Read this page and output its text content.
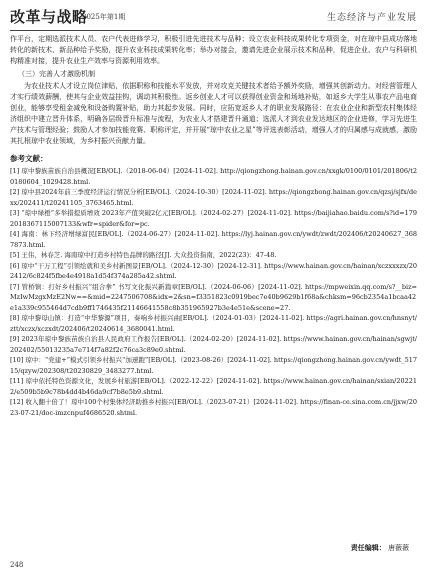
改革与战略
2025年第1期	生态经济与产业发展

作平台，定期选派技术人员、农户代表进修学习，积极引进先进技术与品种；设立农业科技成果转化专项资金，对在琼中县成功落地转化的新技术、新品种给予奖励，提升农业科技成果转化率；举办对接会，邀请先进企业展示技术和品种，促进企业、农户与科研机构精准对接，提升农业生产效率与资源利用效率。

（三）完善人才激励机制

为农业技术人才设立岗位津贴，依据职称和技能水平发放，并对攻克关键技术者给予额外奖励，增强其创新动力。对经营管理人才实行绩效薪酬，使其与企业效益挂钩，调动其积极性。返乡创业人才可以获得创业资金和场地补贴，如返乡大学生从事农产品电商创业，能够享受租金减免和设备购置补贴，助力其起步发展。同时，应拓宽返乡人才的职业发展路径：在农业企业和新型农村集体经济组织中建立晋升体系，明确各层级晋升标准与流程，为农业人才搭建晋升通道；选派人才到农业发达地区的企业进修，学习先进生产技术与管理经验；鼓励人才参加技能竞赛、职称评定，并开展“琼中农业之星”等评选表彰活动，增强人才的归属感与成就感，激励其扎根琼中农业领域，为乡村振兴贡献力量。

参考文献：

[1] 琼中黎族苗族自治县概况[EB/OL].（2018-06-04）[2024-11-02]. http://qiongzhong.hainan.gov.cn/xxgk/0100/0101/201806/t20180604_1029428.html.

[2] 琼中县2024年前三季度经济运行情况分析[EB/OL].（2024-10-30）[2024-11-02]. https://qiongzhong.hainan.gov.cn/qzsj/sjfx/dexx/202411/t20241105_3763465.html.

[3] “琼中绿橙”多举措提质增效 2023年产值突破2亿元[EB/OL].（2024-02-27）[2024-11-02]. https://baijiahao.baidu.com/s?id=1792018367115007133&wfr=spider&for=pc.

[4] 海南：林下经济增绿富民[EB/OL].（2024-06-27）[2024-11-02]. https://lyj.hainan.gov.cn/ywdt/zwdt/202406/t20240627_3687873.html.

[5] 王伟，林春芝. 海南琼中打造乡村特色品牌的路径[J]. 大众投资指南，2022(23)：47-48.

[6] 琼中“干万工程”引领绘就和美乡村新图景[EB/OL].（2024-12-30）[2024-12-31]. https://www.hainan.gov.cn/hainan/xczxxxzx/202412/6c824f5fbe4e4918a1d54f374a285a42.shtml.

[7] 管桥镇：打好乡村振兴“组合拳” 书写文化振兴新篇章[EB/OL].（2024-06-06）[2024-11-02]. https://mpweixin.qq.com/s?__biz=MzIwMzgxMzE2Nw==&mid=2247506708&idx=2&sn=f3351823c0919bec7e40b9629b1f68a&chksm=96cb2354a1bcaa42e1a339c955464d7cdb9ff1746435f21146641558c8b351965927b3e4e51e&scene=27.

[8] 琼中黎母山镇：打造“中华黎源”项目，奏响乡村振兴曲[EB/OL].（2024-01-03）[2024-11-02]. https://agri.hainan.gov.cn/hnsnyt/ztt/xczx/xczxdt/202406/t20240614_3680041.html.

[9] 2023年琼中黎族苗族自治县人民政府工作报告[EB/OL].（2024-02-20）[2024-11-02]. https://www.hainan.gov.cn/hainan/sgwjt/202402/55013235a7e714f7a82f2c76ca3c89e0.shtml.

[10] 琼中：“党建+”模式引领乡村振兴“加速跑”[EB/OL].（2023-08-26）[2024-11-02]. https://qiongzhong.hainan.gov.cn/ywdt_51715/qzyw/202308/t20230829_3483277.html.

[11] 琼中依托特色资源文化，发展乡村旅游[EB/OL].（2022-12-22）[2024-11-02]. https://www.hainan.gov.cn/hainan/sxian/202212/e509b5b9c78b4dd4b46da9cf7b8e5b9.shtml.

[12] 收入翻十倍了！琼中100个村集体经济助推乡村振兴[EB/OL].（2023-07-21）[2024-11-02]. https://finan-ce.sina.com.cn/jjxw/2023-07-21/doc-imzcnpuf4686520.shtml.

责任编辑： 唐薇薇
248
